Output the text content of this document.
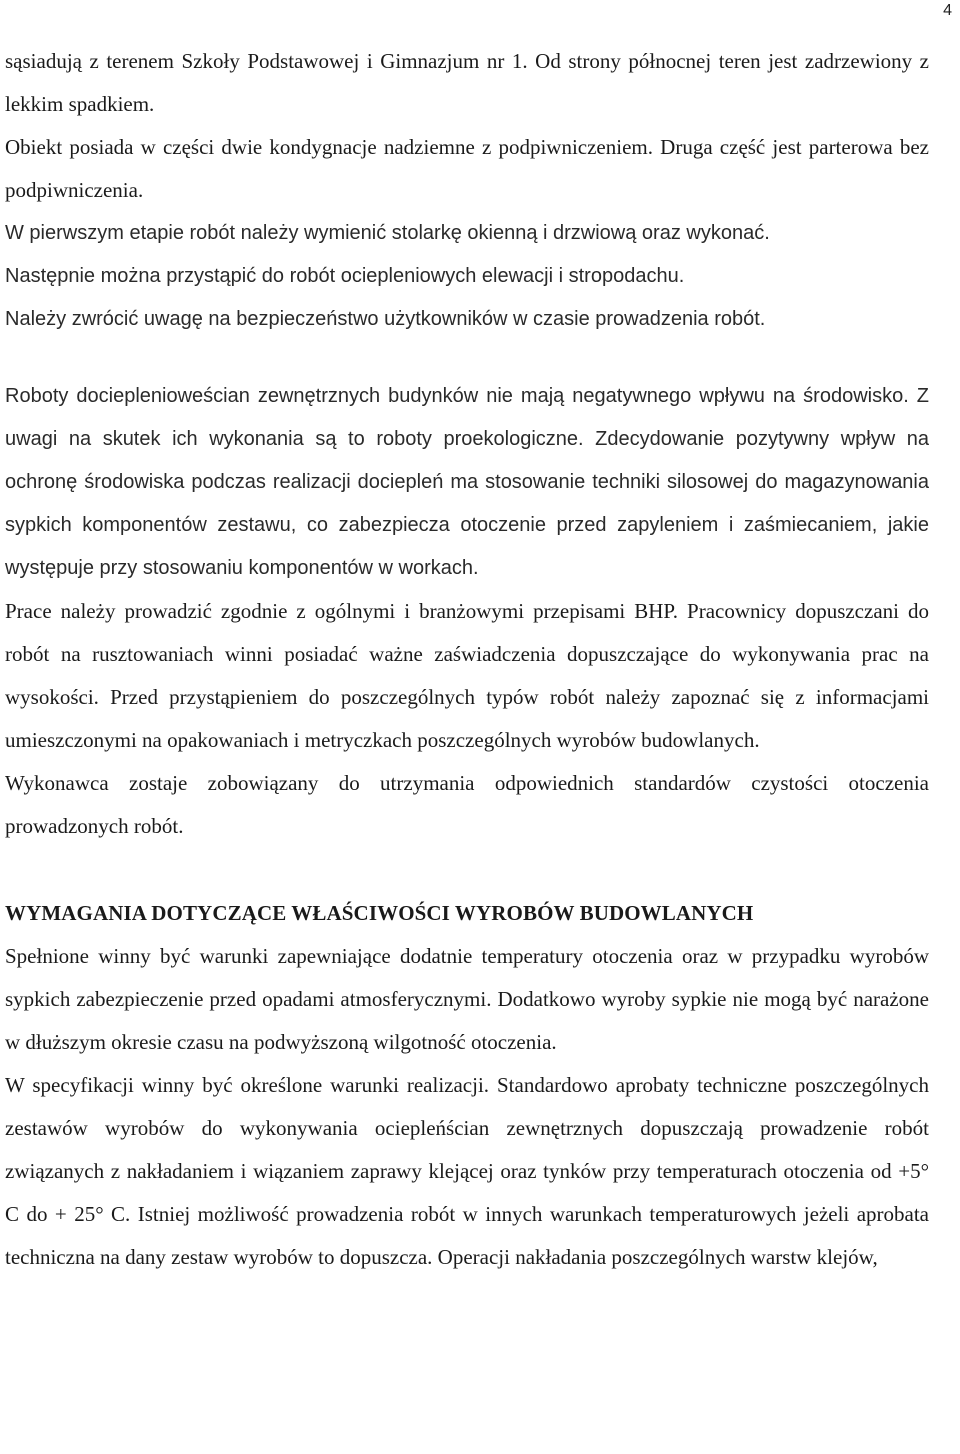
4

sąsiadują z terenem Szkoły Podstawowej i Gimnazjum nr 1. Od strony północnej teren jest zadrzewiony z lekkim spadkiem.

Obiekt posiada w części dwie kondygnacje nadziemne z podpiwniczeniem. Druga część jest parterowa bez podpiwniczenia.

W pierwszym etapie robót należy wymienić stolarkę okienną i drzwiową oraz wykonać.

Następnie można przystąpić do robót ociepleniowych elewacji i stropodachu.

Należy zwrócić uwagę na bezpieczeństwo użytkowników w czasie prowadzenia robót.

Roboty docieplenioweścian zewnętrznych budynków nie mają negatywnego wpływu na środowisko. Z uwagi na skutek ich wykonania są to roboty proekologiczne. Zdecydowanie pozytywny wpływ na ochronę środowiska podczas realizacji dociepleń ma stosowanie techniki silosowej do magazynowania sypkich komponentów zestawu, co zabezpiecza otoczenie przed zapyleniem i zaśmiecaniem, jakie występuje przy stosowaniu komponentów w workach.

Prace należy prowadzić zgodnie z ogólnymi i branżowymi przepisami BHP. Pracownicy dopuszczani do robót na rusztowaniach winni posiadać ważne zaświadczenia dopuszczające do wykonywania prac na wysokości. Przed przystąpieniem do poszczególnych typów robót należy zapoznać się z informacjami umieszczonymi na opakowaniach i metryczkach poszczególnych wyrobów budowlanych.

Wykonawca zostaje zobowiązany do utrzymania odpowiednich standardów czystości otoczenia prowadzonych robót.

WYMAGANIA DOTYCZĄCE WŁAŚCIWOŚCI WYROBÓW BUDOWLANYCH

Spełnione winny być warunki zapewniające dodatnie temperatury otoczenia oraz w przypadku wyrobów sypkich zabezpieczenie przed opadami atmosferycznymi. Dodatkowo wyroby sypkie nie mogą być narażone w dłuższym okresie czasu na podwyższoną wilgotność otoczenia.

W specyfikacji winny być określone warunki realizacji. Standardowo aprobaty techniczne poszczególnych zestawów wyrobów do wykonywania ociepleńścian zewnętrznych dopuszczają prowadzenie robót związanych z nakładaniem i wiązaniem zaprawy klejącej oraz tynków przy temperaturach otoczenia od +5° C do + 25° C. Istniej możliwość prowadzenia robót w innych warunkach temperaturowych jeżeli aprobata techniczna na dany zestaw wyrobów to dopuszcza. Operacji nakładania poszczególnych warstw klejów,
